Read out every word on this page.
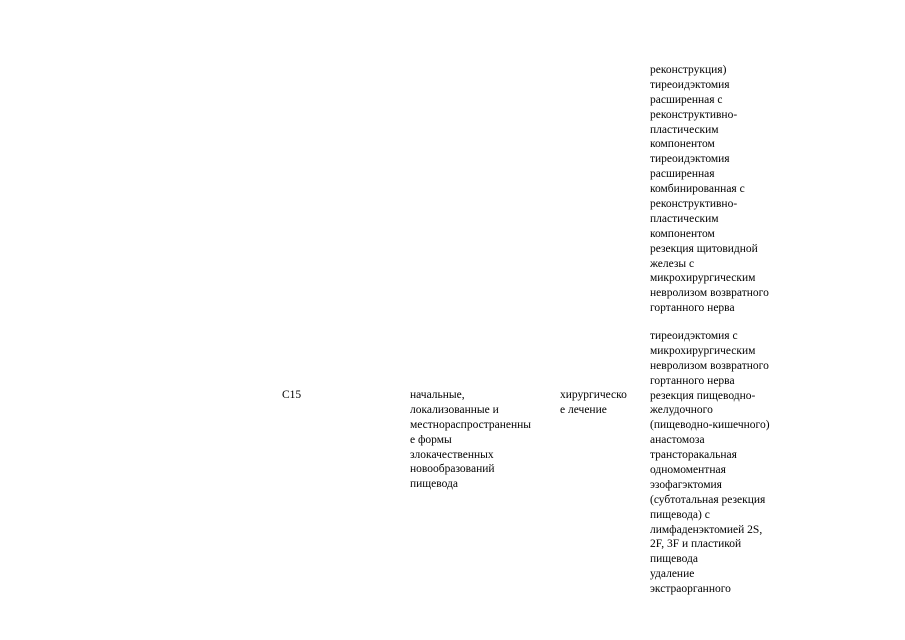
реконструкция)
тиреоидэктомия
расширенная с
реконструктивно-
пластическим
компонентом
тиреоидэктомия
расширенная
комбинированная с
реконструктивно-
пластическим
компонентом
резекция щитовидной
железы с
микрохирургическим
невролизом возвратного
гортанного нерва
тиреоидэктомия с
микрохирургическим
невролизом возвратного
гортанного нерва
резекция пищеводно-
желудочного
(пищеводно-кишечного)
анастомоза
трансторакальная
одномоментная
эзофагэктомия
(субтотальная резекция
пищевода) с
лимфаденэктомией 2S,
2F, 3F и пластикой
пищевода
удаление
экстраорганного
C15	начальные,
локализованные и
местнораспространенны
е формы
злокачественных
новообразований
пищевода
хирургическо
е лечение
